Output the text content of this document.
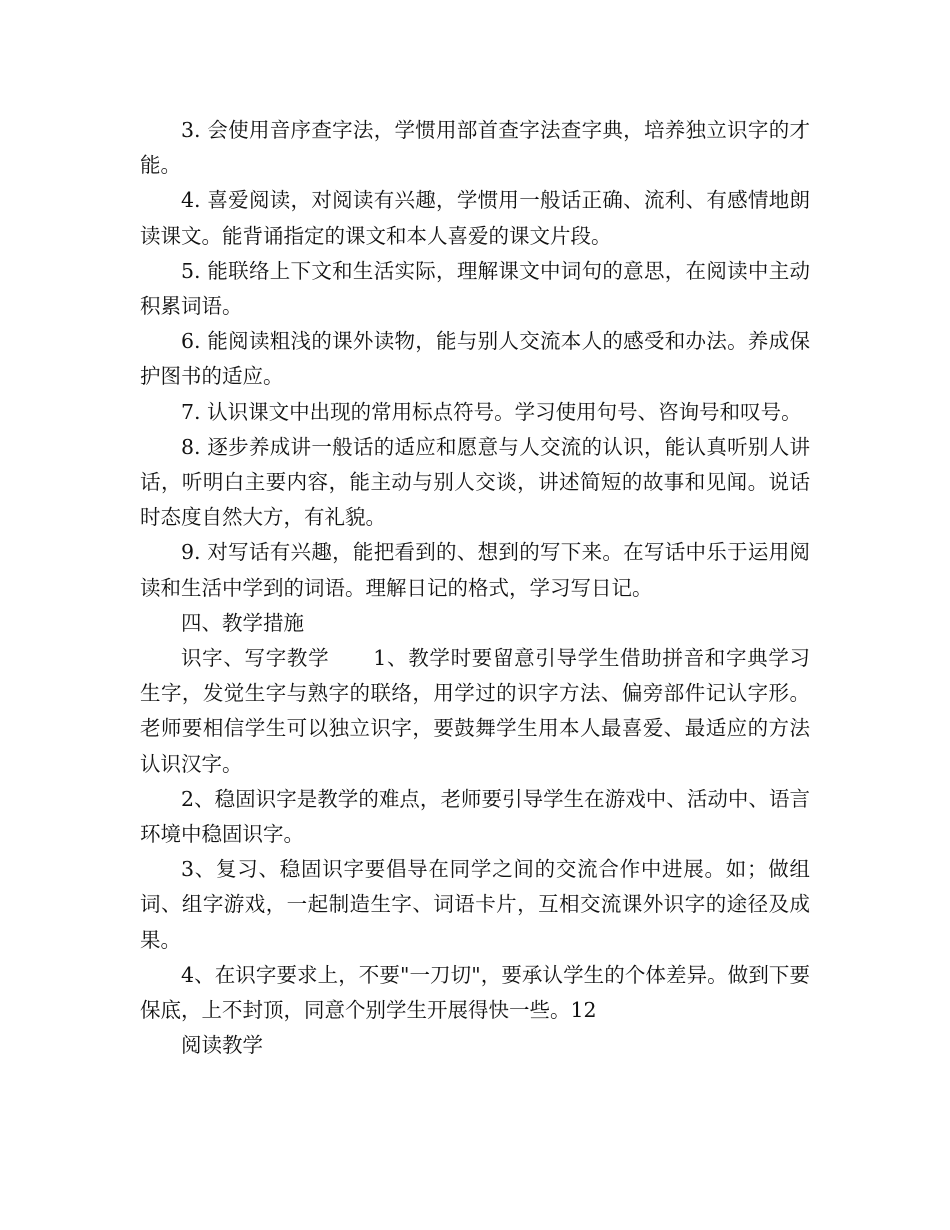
3. 会使用音序查字法，学惯用部首查字法查字典，培养独立识字的才能。

4. 喜爱阅读，对阅读有兴趣，学惯用一般话正确、流利、有感情地朗读课文。能背诵指定的课文和本人喜爱的课文片段。

5. 能联络上下文和生活实际，理解课文中词句的意思，在阅读中主动积累词语。

6. 能阅读粗浅的课外读物，能与别人交流本人的感受和办法。养成保护图书的适应。

7. 认识课文中出现的常用标点符号。学习使用句号、咨询号和叹号。

8. 逐步养成讲一般话的适应和愿意与人交流的认识，能认真听别人讲话，听明白主要内容，能主动与别人交谈，讲述简短的故事和见闻。说话时态度自然大方，有礼貌。

9. 对写话有兴趣，能把看到的、想到的写下来。在写话中乐于运用阅读和生活中学到的词语。理解日记的格式，学习写日记。

四、教学措施

识字、写字教学 1、教学时要留意引导学生借助拼音和字典学习生字，发觉生字与熟字的联络，用学过的识字方法、偏旁部件记认字形。老师要相信学生可以独立识字，要鼓舞学生用本人最喜爱、最适应的方法认识汉字。

2、稳固识字是教学的难点，老师要引导学生在游戏中、活动中、语言环境中稳固识字。

3、复习、稳固识字要倡导在同学之间的交流合作中进展。如；做组词、组字游戏，一起制造生字、词语卡片，互相交流课外识字的途径及成果。

4、在识字要求上，不要"一刀切"，要承认学生的个体差异。做到下要保底，上不封顶，同意个别学生开展得快一些。12

阅读教学
